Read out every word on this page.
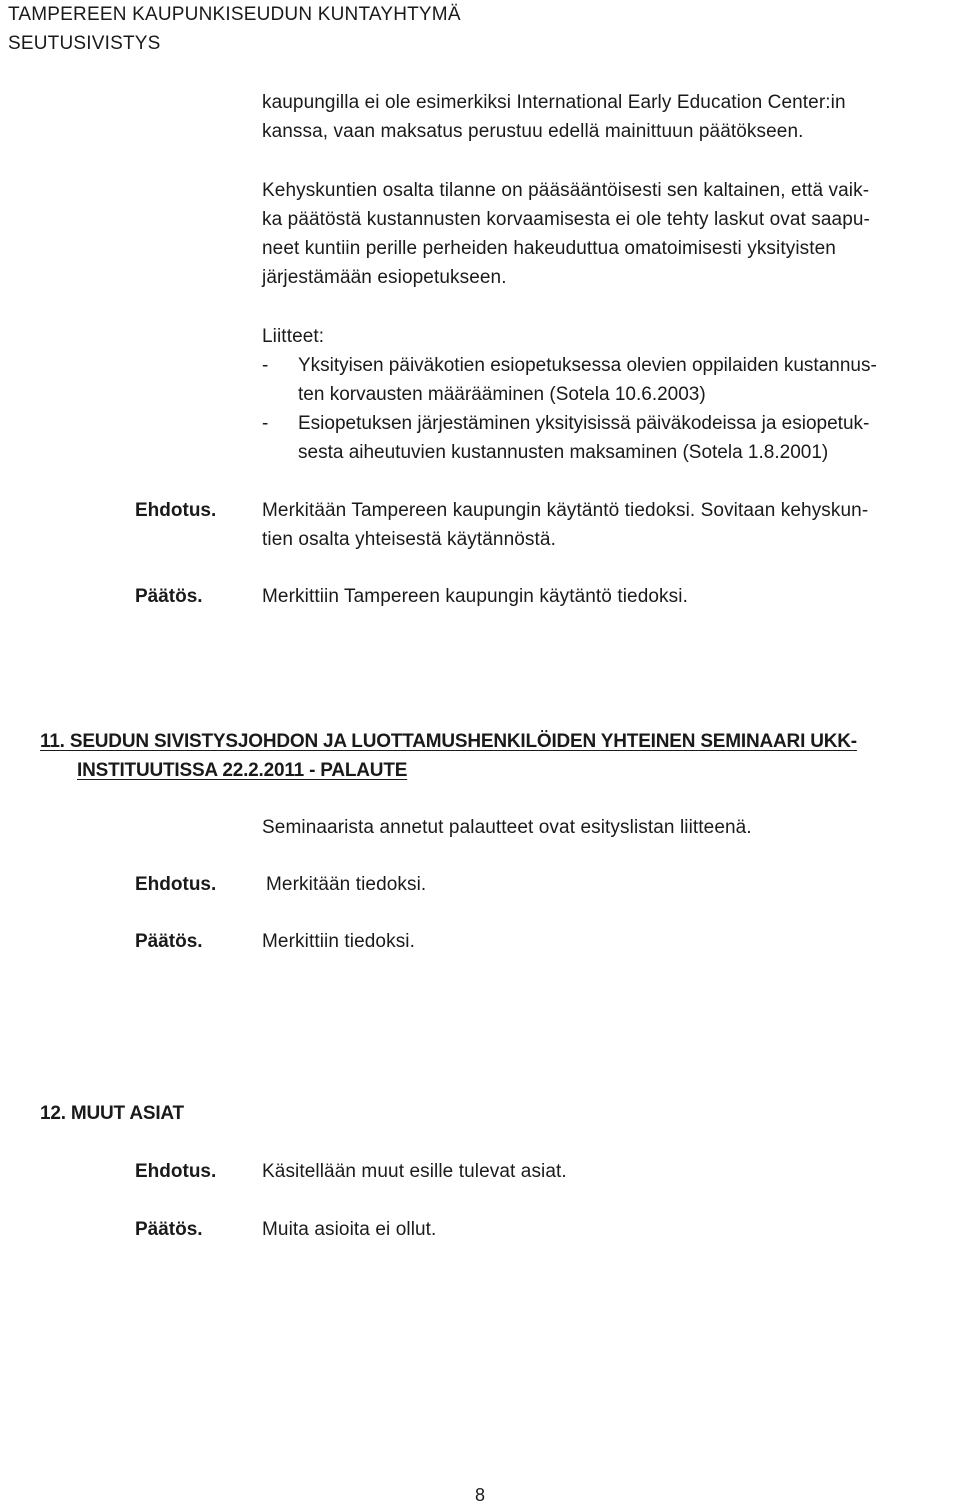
TAMPEREEN KAUPUNKISEUDUN KUNTAYHTYMÄ
SEUTUSIVISTYS
kaupungilla ei ole esimerkiksi International Early Education Center:in
kanssa, vaan maksatus perustuu edellä mainittuun päätökseen.
Kehyskuntien osalta tilanne on pääsääntöisesti sen kaltainen, että vaik-
ka päätöstä kustannusten korvaamisesta ei ole tehty laskut ovat saapu-
neet kuntiin perille perheiden hakeuduttua omatoimisesti yksityisten
järjestämään esiopetukseen.
Liitteet:
- Yksityisen päiväkotien esiopetuksessa olevien oppilaiden kustannus-
ten korvausten määrääminen (Sotela 10.6.2003)
- Esiopetuksen järjestäminen yksityisissä päiväkodeissa ja esiopetuk-
sesta aiheutuvien kustannusten maksaminen (Sotela 1.8.2001)
Ehdotus. Merkitään Tampereen kaupungin käytäntö tiedoksi. Sovitaan kehyskun-
tien osalta yhteisestä käytännöstä.
Päätös.	Merkittiin Tampereen kaupungin käytäntö tiedoksi.
11. SEUDUN SIVISTYSJOHDON JA LUOTTAMUSHENKILÖIDEN YHTEINEN SEMINAARI UKK-
INSTITUUTISSA 22.2.2011 - PALAUTE
Seminaarista annetut palautteet ovat esityslistan liitteenä.
Ehdotus.	Merkitään tiedoksi.
Päätös.	Merkittiin tiedoksi.
12. MUUT ASIAT
Ehdotus. Käsitellään muut esille tulevat asiat.
Päätös.	Muita asioita ei ollut.
8
